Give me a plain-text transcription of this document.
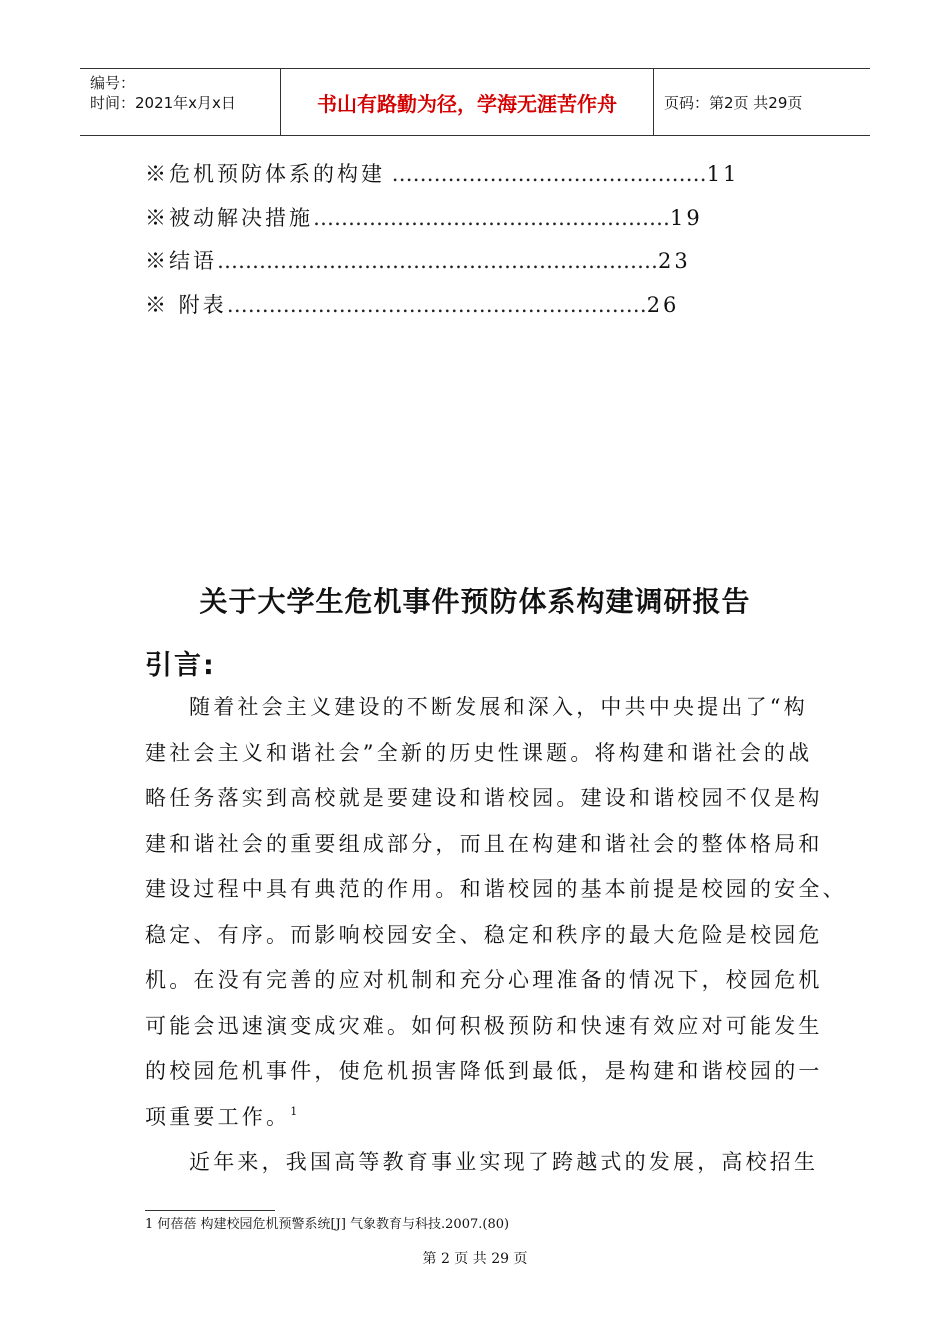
编号：
时间：2021年x月x日	书山有路勤为径，学海无涯苦作舟	页码：第2页 共29页
※危机预防体系的构建 ………………………………………11
※被动解决措施……………………………………………19
※结语………………………………………………………23
※ 附表……………………………………………………26
关于大学生危机事件预防体系构建调研报告
引言:
随着社会主义建设的不断发展和深入，中共中央提出了“构
建社会主义和谐社会”全新的历史性课题。将构建和谐社会的战
略任务落实到高校就是要建设和谐校园。建设和谐校园不仅是构
建和谐社会的重要组成部分，而且在构建和谐社会的整体格局和
建设过程中具有典范的作用。和谐校园的基本前提是校园的安全、
稳定、有序。而影响校园安全、稳定和秩序的最大危险是校园危
机。在没有完善的应对机制和充分心理准备的情况下，校园危机
可能会迅速演变成灾难。如何积极预防和快速有效应对可能发生
的校园危机事件，使危机损害降低到最低，是构建和谐校园的一
项重要工作。$^1$
近年来，我国高等教育事业实现了跨越式的发展，高校招生
1 何蓓蓓 构建校园危机预警系统[J] 气象教育与科技.2007.(80)
第 2 页 共 29 页
